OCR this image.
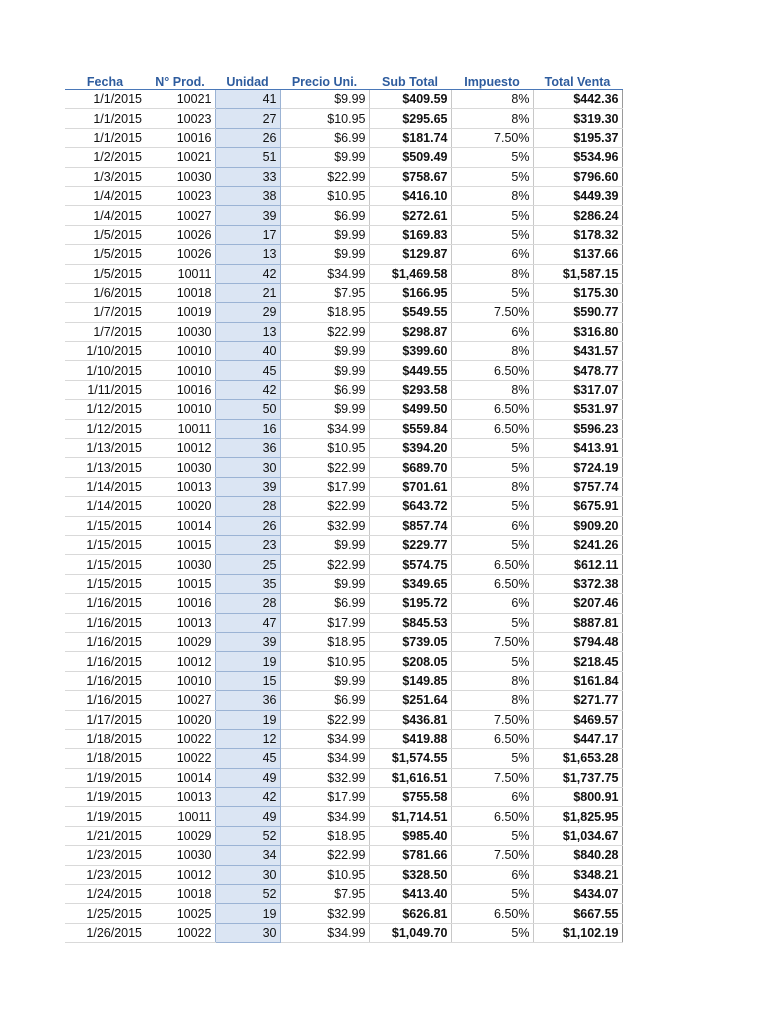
Fecha	N° Prod.	Unidad	Precio Uni.	Sub Total	Impuesto	Total Venta
1/1/2015	10021	41	$9.99	$409.59	8%	$442.36
1/1/2015	10023	27	$10.95	$295.65	8%	$319.30
1/1/2015	10016	26	$6.99	$181.74	7.50%	$195.37
1/2/2015	10021	51	$9.99	$509.49	5%	$534.96
1/3/2015	10030	33	$22.99	$758.67	5%	$796.60
1/4/2015	10023	38	$10.95	$416.10	8%	$449.39
1/4/2015	10027	39	$6.99	$272.61	5%	$286.24
1/5/2015	10026	17	$9.99	$169.83	5%	$178.32
1/5/2015	10026	13	$9.99	$129.87	6%	$137.66
1/5/2015	10011	42	$34.99	$1,469.58	8%	$1,587.15
1/6/2015	10018	21	$7.95	$166.95	5%	$175.30
1/7/2015	10019	29	$18.95	$549.55	7.50%	$590.77
1/7/2015	10030	13	$22.99	$298.87	6%	$316.80
1/10/2015	10010	40	$9.99	$399.60	8%	$431.57
1/10/2015	10010	45	$9.99	$449.55	6.50%	$478.77
1/11/2015	10016	42	$6.99	$293.58	8%	$317.07
1/12/2015	10010	50	$9.99	$499.50	6.50%	$531.97
1/12/2015	10011	16	$34.99	$559.84	6.50%	$596.23
1/13/2015	10012	36	$10.95	$394.20	5%	$413.91
1/13/2015	10030	30	$22.99	$689.70	5%	$724.19
1/14/2015	10013	39	$17.99	$701.61	8%	$757.74
1/14/2015	10020	28	$22.99	$643.72	5%	$675.91
1/15/2015	10014	26	$32.99	$857.74	6%	$909.20
1/15/2015	10015	23	$9.99	$229.77	5%	$241.26
1/15/2015	10030	25	$22.99	$574.75	6.50%	$612.11
1/15/2015	10015	35	$9.99	$349.65	6.50%	$372.38
1/16/2015	10016	28	$6.99	$195.72	6%	$207.46
1/16/2015	10013	47	$17.99	$845.53	5%	$887.81
1/16/2015	10029	39	$18.95	$739.05	7.50%	$794.48
1/16/2015	10012	19	$10.95	$208.05	5%	$218.45
1/16/2015	10010	15	$9.99	$149.85	8%	$161.84
1/16/2015	10027	36	$6.99	$251.64	8%	$271.77
1/17/2015	10020	19	$22.99	$436.81	7.50%	$469.57
1/18/2015	10022	12	$34.99	$419.88	6.50%	$447.17
1/18/2015	10022	45	$34.99	$1,574.55	5%	$1,653.28
1/19/2015	10014	49	$32.99	$1,616.51	7.50%	$1,737.75
1/19/2015	10013	42	$17.99	$755.58	6%	$800.91
1/19/2015	10011	49	$34.99	$1,714.51	6.50%	$1,825.95
1/21/2015	10029	52	$18.95	$985.40	5%	$1,034.67
1/23/2015	10030	34	$22.99	$781.66	7.50%	$840.28
1/23/2015	10012	30	$10.95	$328.50	6%	$348.21
1/24/2015	10018	52	$7.95	$413.40	5%	$434.07
1/25/2015	10025	19	$32.99	$626.81	6.50%	$667.55
1/26/2015	10022	30	$34.99	$1,049.70	5%	$1,102.19
